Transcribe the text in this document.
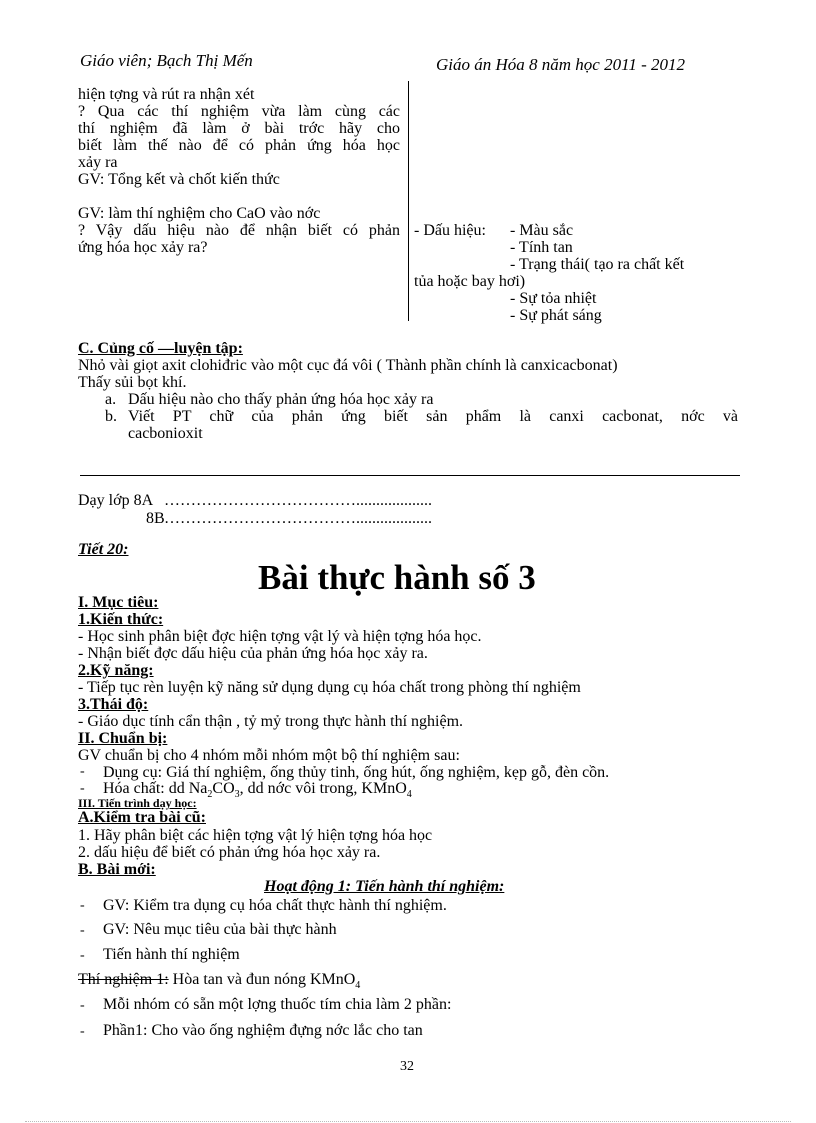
Giáo viên; Bạch Thị Mến	Giáo án Hóa 8 năm học 2011 - 2012
hiện tợng và rút ra nhận xét
? Qua các thí nghiệm vừa làm cùng các
thí nghiệm đã làm ở bài trớc hãy cho
biết làm thế nào để có phản ứng hóa học
xảy ra
GV: Tổng kết và chốt kiến thức
GV: làm thí nghiệm cho CaO vào nớc
? Vậy dấu hiệu nào để nhận biết có phản
ứng hóa học xảy ra?
- Dấu hiệu: - Màu sắc
- Tính tan
- Trạng thái( tạo ra chất kết
tủa hoặc bay hơi)
- Sự tỏa nhiệt
- Sự phát sáng
C. Củng cố —luyện tập:
Nhỏ vài giọt axit clohiđric vào một cục đá vôi ( Thành phần chính là canxicacbonat)
Thấy sủi bọt khí.
a. Dấu hiệu nào cho thấy phản ứng hóa học xảy ra
b. Viết PT chữ của phản ứng biết sản phẩm là canxi cacbonat, nớc và
cacbonioxit
Dạy lớp 8A ………………………………...................
8B ………………………………...................
Tiết 20:
Bài thực hành số 3
I. Mục tiêu:
1.Kiến thức:
- Học sinh phân biệt đợc hiện tợng vật lý và hiện tợng hóa học.
- Nhận biết đợc dấu hiệu của phản ứng hóa học xảy ra.
2.Kỹ năng:
- Tiếp tục rèn luyện kỹ năng sử dụng dụng cụ hóa chất trong phòng thí nghiệm
3.Thái độ:
- Giáo dục tính cẩn thận , tỷ mỷ trong thực hành thí nghiệm.
II. Chuẩn bị:
GV chuẩn bị cho 4 nhóm mỗi nhóm một bộ thí nghiệm sau:
- Dụng cụ: Giá thí nghiệm, ống thủy tinh, ống hút, ống nghiệm, kẹp gỗ, đèn cồn.
- Hóa chất: dd $Na_2CO_3$, dd nớc vôi trong, KMnO$_4$
III. Tiến trình dạy học:
A.Kiểm tra bài cũ:
1. Hãy phân biệt các hiện tợng vật lý hiện tợng hóa học
2. dấu hiệu để biết có phản ứng hóa học xảy ra.
B. Bài mới:
Hoạt động 1: Tiến hành thí nghiệm:
- GV: Kiểm tra dụng cụ hóa chất thực hành thí nghiệm.
- GV: Nêu mục tiêu của bài thực hành
- Tiến hành thí nghiệm
Thí nghiệm 1: Hòa tan và đun nóng KMnO$_4$
- Mỗi nhóm có sẵn một lợng thuốc tím chia làm 2 phần:
- Phần1: Cho vào ống nghiệm đựng nớc lắc cho tan
32
